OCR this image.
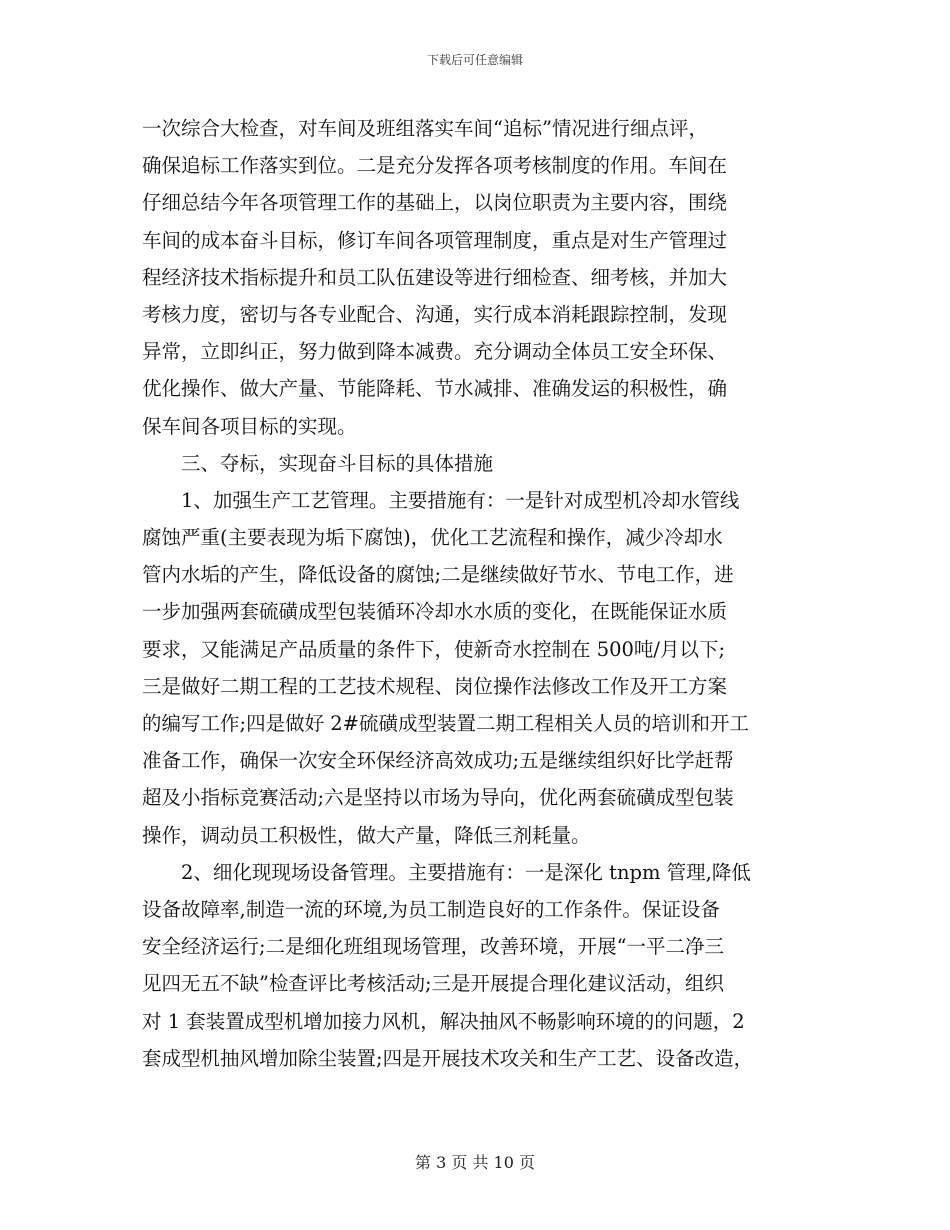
下载后可任意编辑
一次综合大检查，对车间及班组落实车间“追标”情况进行细点评，
确保追标工作落实到位。二是充分发挥各项考核制度的作用。车间在
仔细总结今年各项管理工作的基础上，以岗位职责为主要内容，围绕
车间的成本奋斗目标，修订车间各项管理制度，重点是对生产管理过
程经济技术指标提升和员工队伍建设等进行细检查、细考核，并加大
考核力度，密切与各专业配合、沟通，实行成本消耗跟踪控制，发现
异常，立即纠正，努力做到降本减费。充分调动全体员工安全环保、
优化操作、做大产量、节能降耗、节水减排、准确发运的积极性，确
保车间各项目标的实现。
三、夺标，实现奋斗目标的具体措施
1、加强生产工艺管理。主要措施有：一是针对成型机冷却水管线
腐蚀严重(主要表现为垢下腐蚀)，优化工艺流程和操作，减少冷却水
管内水垢的产生，降低设备的腐蚀;二是继续做好节水、节电工作，进
一步加强两套硫磺成型包装循环冷却水水质的变化，在既能保证水质
要求，又能满足产品质量的条件下，使新奇水控制在 500吨/月以下;
三是做好二期工程的工艺技术规程、岗位操作法修改工作及开工方案
的编写工作;四是做好 2#硫磺成型装置二期工程相关人员的培训和开工
准备工作，确保一次安全环保经济高效成功;五是继续组织好比学赶帮
超及小指标竞赛活动;六是坚持以市场为导向，优化两套硫磺成型包装
操作，调动员工积极性，做大产量，降低三剂耗量。
2、细化现现场设备管理。主要措施有：一是深化 tnpm 管理,降低
设备故障率,制造一流的环境,为员工制造良好的工作条件。保证设备
安全经济运行;二是细化班组现场管理，改善环境，开展“一平二净三
见四无五不缺”检查评比考核活动;三是开展提合理化建议活动，组织
对 1 套装置成型机增加接力风机，解决抽风不畅影响环境的的问题，2
套成型机抽风增加除尘装置;四是开展技术攻关和生产工艺、设备改造，
第 3 页 共 10 页
